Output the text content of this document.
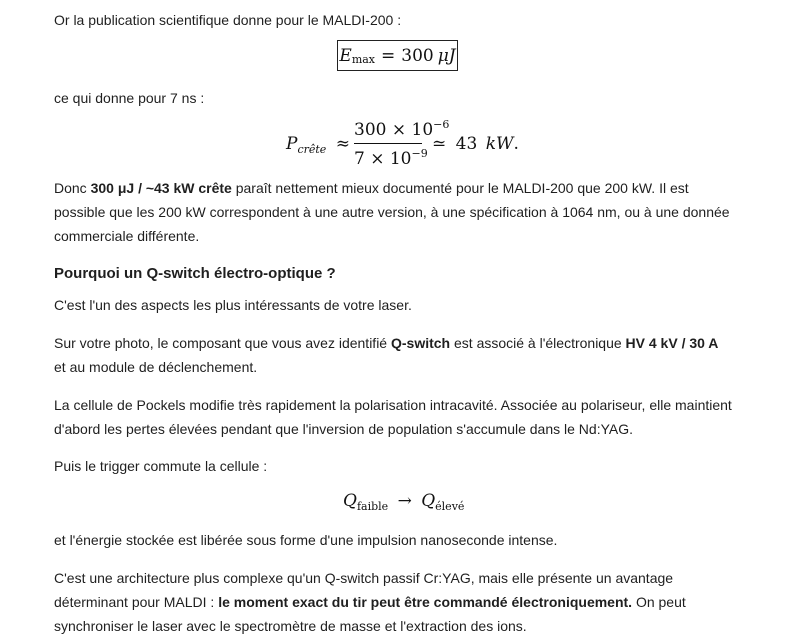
Or la publication scientifique donne pour le MALDI-200 :

E max = 300 μJ

ce qui donne pour 7 ns :

$P_{crête}$ ≈
$300 \times 10^{-6}$
$7 \times 10^{-9}$ ≃ 43 kW.

Donc 300 μJ / ~43 kW crête paraît nettement mieux documenté pour le MALDI-200 que 200 kW. Il est
possible que les 200 kW correspondent à une autre version, à une spécification à 1064 nm, ou à une donnée
commerciale différente.

Pourquoi un Q-switch électro-optique ?

C'est l'un des aspects les plus intéressants de votre laser.

Sur votre photo, le composant que vous avez identifié Q-switch est associé à l'électronique HV 4 kV / 30 A
et au module de déclenchement.

La cellule de Pockels modifie très rapidement la polarisation intracavité. Associée au polariseur, elle maintient
d'abord les pertes élevées pendant que l'inversion de population s'accumule dans le Nd:YAG.

Puis le trigger commute la cellule :

$Q_{faible} \to Q_{élevé}$

et l'énergie stockée est libérée sous forme d'une impulsion nanoseconde intense.

C'est une architecture plus complexe qu'un Q-switch passif Cr:YAG, mais elle présente un avantage
déterminant pour MALDI : le moment exact du tir peut être commandé électroniquement. On peut
synchroniser le laser avec le spectromètre de masse et l'extraction des ions.
